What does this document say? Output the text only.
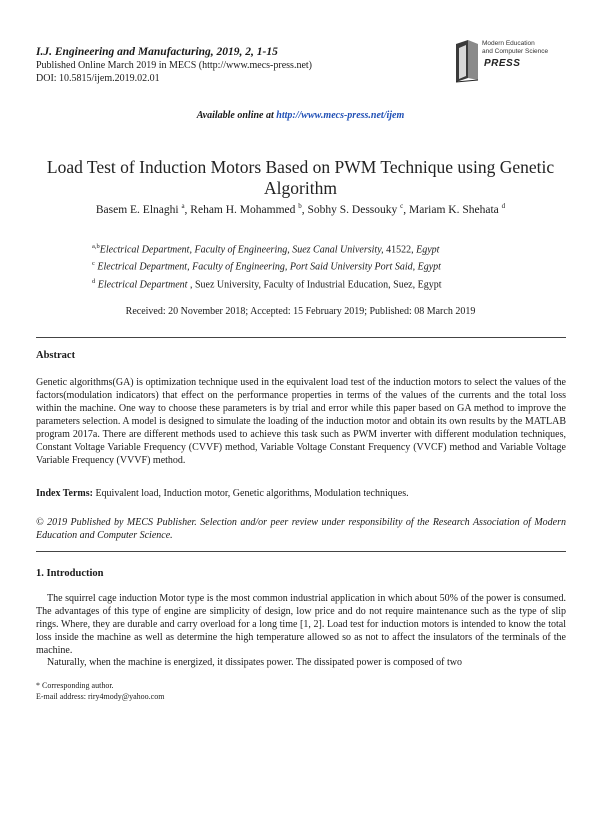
I.J. Engineering and Manufacturing, 2019, 2, 1-15
Published Online March 2019 in MECS (http://www.mecs-press.net)
DOI: 10.5815/ijem.2019.02.01
Modern Education
and Computer Science
PRESS
Available online at http://www.mecs-press.net/ijem
Load Test of Induction Motors Based on PWM Technique using Genetic Algorithm
Basem E. Elnaghi $^a$, Reham H. Mohammed $^b$, Sobhy S. Dessouky $^c$, Mariam K. Shehata $^d$
$^{a,b}$Electrical Department, Faculty of Engineering, Suez Canal University, 41522, Egypt
$^c$ Electrical Department, Faculty of Engineering, Port Said University Port Said, Egypt
$^d$ Electrical Department , Suez University, Faculty of Industrial Education, Suez, Egypt
Received: 20 November 2018; Accepted: 15 February 2019; Published: 08 March 2019
Abstract
Genetic algorithms(GA) is optimization technique used in the equivalent load test of the induction motors to select the values of the factors(modulation indicators) that effect on the performance properties in terms of the values of the currents and the total loss within the machine. One way to choose these parameters is by trial and error while this paper based on GA method to improve the parameters selection. A model is designed to simulate the loading of the induction motor and obtain its own results by the MATLAB program 2017a. There are different methods used to achieve this task such as PWM inverter with different modulation techniques, Constant Voltage Variable Frequency (CVVF) method, Variable Voltage Constant Frequency (VVCF) method and Variable Voltage Variable Frequency (VVVF) method.
Index Terms: Equivalent load, Induction motor, Genetic algorithms, Modulation techniques.
© 2019 Published by MECS Publisher. Selection and/or peer review under responsibility of the Research Association of Modern Education and Computer Science.
1. Introduction
The squirrel cage induction Motor type is the most common industrial application in which about 50% of the power is consumed. The advantages of this type of engine are simplicity of design, low price and do not require maintenance such as the type of slip rings. Where, they are durable and carry overload for a long time [1, 2]. Load test for induction motors is intended to know the total loss inside the machine as well as determine the high temperature allowed so as not to affect the insulators of the terminals of the machine.
Naturally, when the machine is energized, it dissipates power. The dissipated power is composed of two
* Corresponding author.
E-mail address: riry4mody@yahoo.com
